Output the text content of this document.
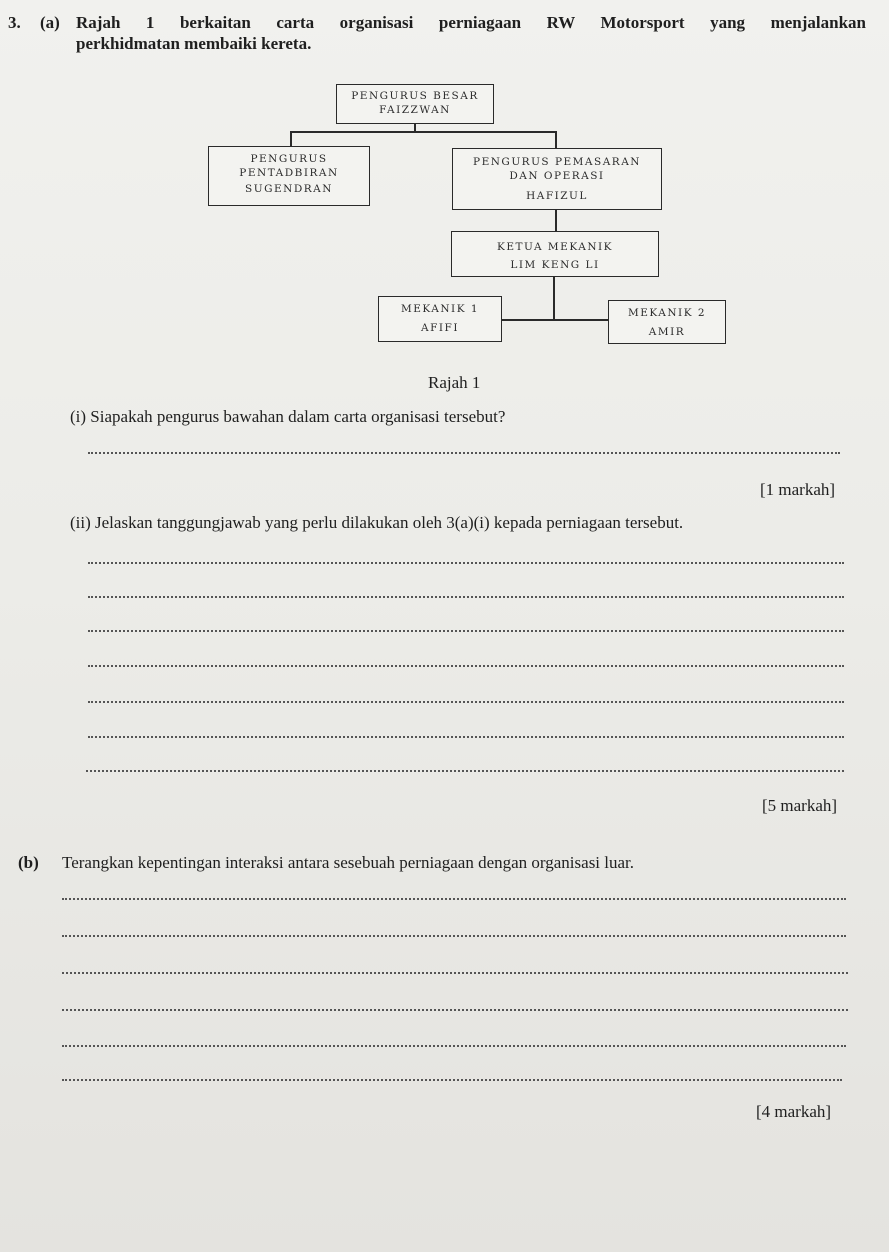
3. (a) Rajah 1 berkaitan carta organisasi perniagaan RW Motorsport yang menjalankan
perkhidmatan membaiki kereta.
PENGURUS BESAR
FAIZZWAN
PENGURUS
PENTADBIRAN
SUGENDRAN
PENGURUS PEMASARAN
DAN OPERASI
HAFIZUL
KETUA MEKANIK
LIM KENG LI
MEKANIK 1
AFIFI
MEKANIK 2
AMIR
Rajah 1
(i) Siapakah pengurus bawahan dalam carta organisasi tersebut?
[1 markah]
(ii) Jelaskan tanggungjawab yang perlu dilakukan oleh 3(a)(i) kepada perniagaan tersebut.
[5 markah]
(b) Terangkan kepentingan interaksi antara sesebuah perniagaan dengan organisasi luar.
[4 markah]
